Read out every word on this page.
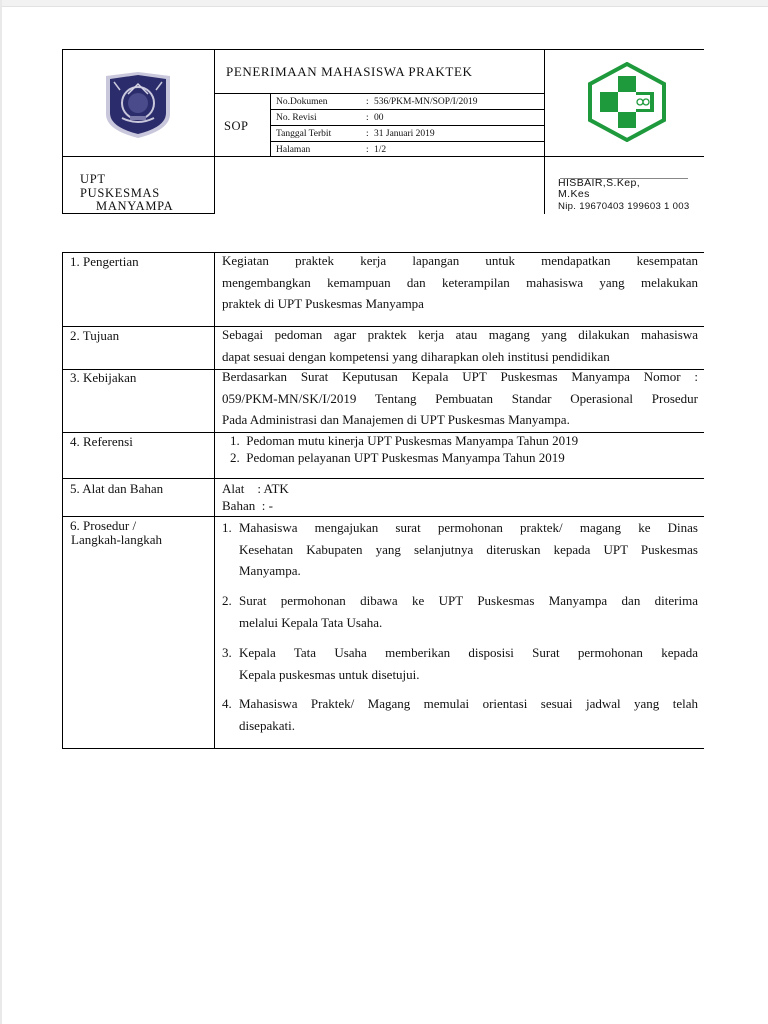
PENERIMAAN MAHASISWA PRAKTEK
SOP
No.Dokumen	: 536/PKM-MN/SOP/I/2019
No. Revisi	: 00
Tanggal Terbit	: 31 Januari 2019
Halaman	: 1/2
UPT
PUSKESMAS
MANYAMPA
HISBAIR,S.Kep,
M.Kes
Nip. 19670403 199603 1 003
1. Pengertian	Kegiatan praktek kerja lapangan untuk mendapatkan kesempatan
mengembangkan kemampuan dan keterampilan mahasiswa yang melakukan
praktek di UPT Puskesmas Manyampa
2. Tujuan	Sebagai pedoman agar praktek kerja atau magang yang dilakukan mahasiswa
dapat sesuai dengan kompetensi yang diharapkan oleh institusi pendidikan
3. Kebijakan	Berdasarkan Surat Keputusan Kepala UPT Puskesmas Manyampa Nomor :
059/PKM-MN/SK/I/2019 Tentang Pembuatan Standar Operasional Prosedur
Pada Administrasi dan Manajemen di UPT Puskesmas Manyampa.
4. Referensi	1.  Pedoman mutu kinerja UPT Puskesmas Manyampa Tahun 2019
2.  Pedoman pelayanan UPT Puskesmas Manyampa Tahun 2019
5. Alat dan Bahan	Alat    : ATK
Bahan  : -
6. Prosedur /
Langkah-langkah
1. Mahasiswa mengajukan surat permohonan praktek/ magang ke Dinas
Kesehatan Kabupaten yang selanjutnya diteruskan kepada UPT Puskesmas
Manyampa.
2. Surat permohonan dibawa ke UPT Puskesmas Manyampa dan diterima
melalui Kepala Tata Usaha.
3. Kepala Tata Usaha memberikan disposisi Surat permohonan kepada
Kepala puskesmas untuk disetujui.
4. Mahasiswa Praktek/ Magang memulai orientasi sesuai jadwal yang telah
disepakati.
